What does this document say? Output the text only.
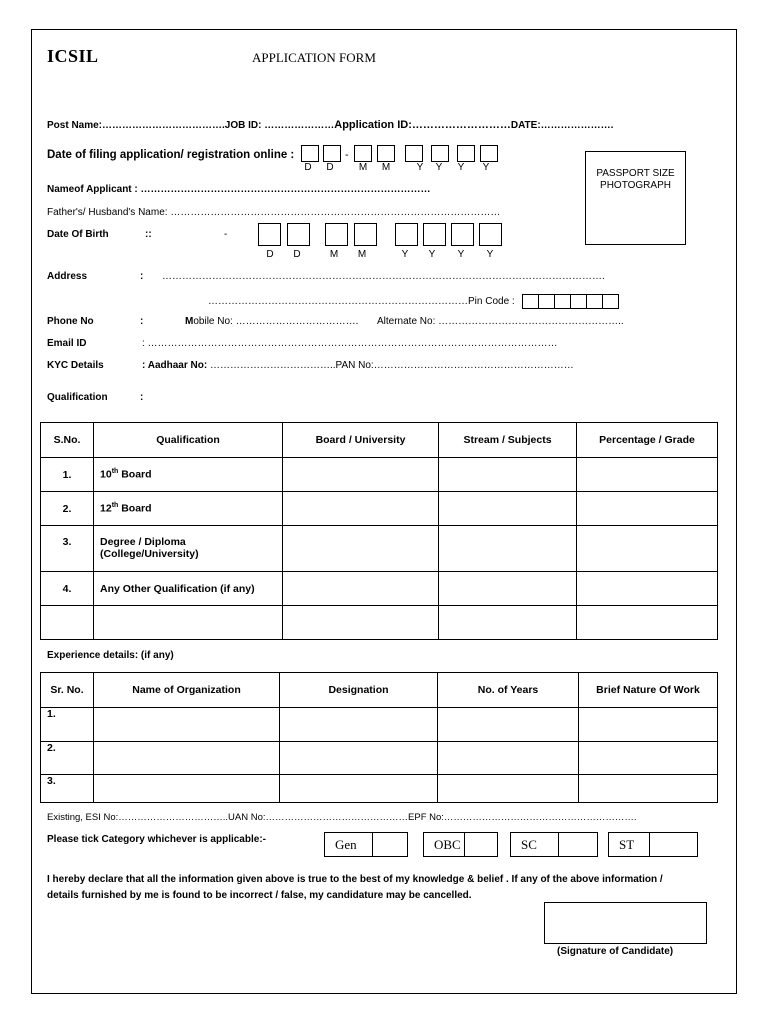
ICSIL	APPLICATION FORM
Post Name:……………………………….JOB ID: …………………Application ID:………………………DATE:………………….
Date of filing application/ registration online :	-
D	D	M	M	Y	Y	Y	Y
PASSPORT SIZE PHOTOGRAPH
Nameof Applicant : ……………………………………………………………………………
Father's/ Husband's Name: ………………………………………………………………………………………
Date Of Birth	::	-
D	D	M	M	Y	Y	Y	Y
Address	: …………………………………………………………………………………………………………………….
……………………………………………………………………Pin Code :
Phone No	:	Mobile No: ………………………………. Alternate No: ………………………………………………..
Email ID	: ……………………………………………………………………………………………………………
KYC Details	: Aadhaar No: ………………………………..PAN No:……………………………………………………
Qualification	:
S.No.	Qualification	Board / University	Stream / Subjects	Percentage / Grade
1.	10th Board			
2.	12th Board			
3.	Degree / Diploma
(College/University)			

4.	Any Other Qualification (if any)			

Experience details: (if any)
Sr. No.	Name of Organization	Designation	No. of Years	Brief Nature Of Work
1.				
2.				
3.				
Existing, ESI No:……………………………..UAN No:………………………………………EPF No:…………………………………………………….
Please tick Category whichever is applicable:-	Gen	OBC	SC	ST
I hereby declare that all the information given above is true to the best of my knowledge & belief . If any of the above information /
details furnished by me is found to be incorrect / false, my candidature may be cancelled.
(Signature of Candidate)
